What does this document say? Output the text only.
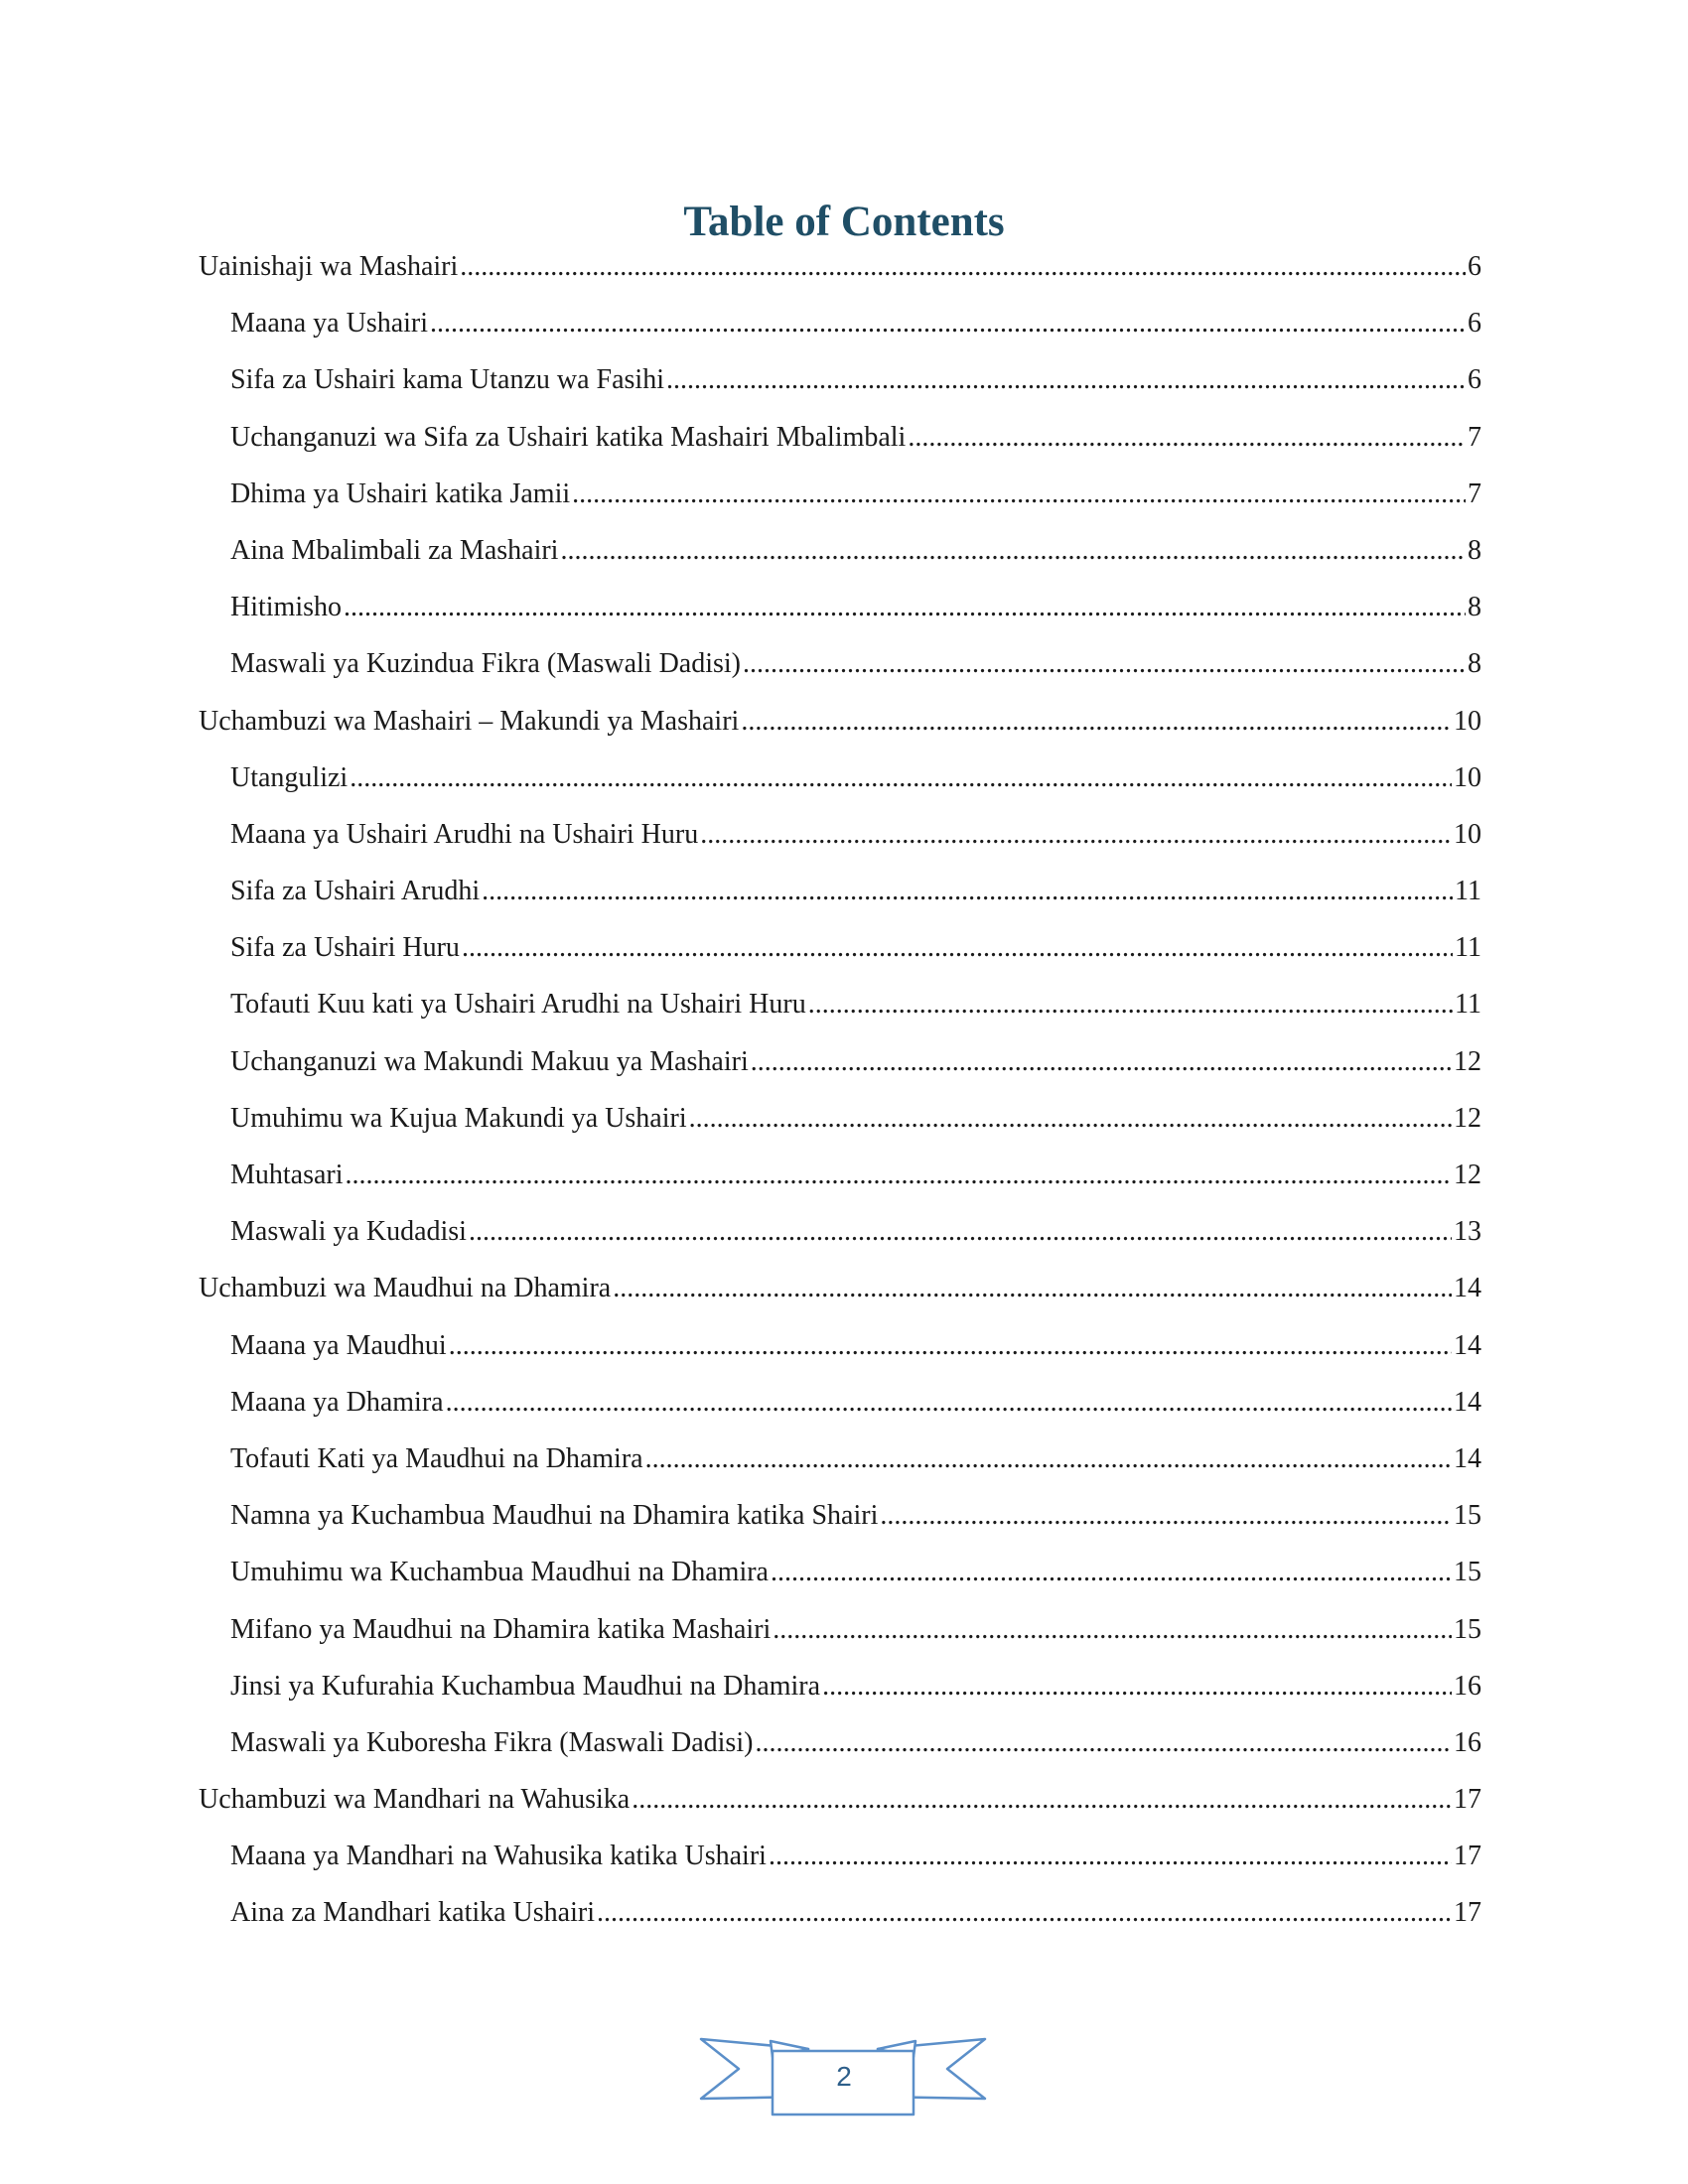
Table of Contents
Uainishaji wa Mashairi .....	6
Maana ya Ushairi .....	6
Sifa za Ushairi kama Utanzu wa Fasihi .....	6
Uchanganuzi wa Sifa za Ushairi katika Mashairi Mbalimbali .....	7
Dhima ya Ushairi katika Jamii .....	7
Aina Mbalimbali za Mashairi .....	8
Hitimisho .....	8
Maswali ya Kuzindua Fikra (Maswali Dadisi) .....	8
Uchambuzi wa Mashairi – Makundi ya Mashairi .....	10
Utangulizi .....	10
Maana ya Ushairi Arudhi na Ushairi Huru .....	10
Sifa za Ushairi Arudhi .....	11
Sifa za Ushairi Huru .....	11
Tofauti Kuu kati ya Ushairi Arudhi na Ushairi Huru .....	11
Uchanganuzi wa Makundi Makuu ya Mashairi .....	12
Umuhimu wa Kujua Makundi ya Ushairi .....	12
Muhtasari .....	12
Maswali ya Kudadisi .....	13
Uchambuzi wa Maudhui na Dhamira .....	14
Maana ya Maudhui .....	14
Maana ya Dhamira .....	14
Tofauti Kati ya Maudhui na Dhamira .....	14
Namna ya Kuchambua Maudhui na Dhamira katika Shairi .....	15
Umuhimu wa Kuchambua Maudhui na Dhamira .....	15
Mifano ya Maudhui na Dhamira katika Mashairi .....	15
Jinsi ya Kufurahia Kuchambua Maudhui na Dhamira .....	16
Maswali ya Kuboresha Fikra (Maswali Dadisi) .....	16
Uchambuzi wa Mandhari na Wahusika .....	17
Maana ya Mandhari na Wahusika katika Ushairi .....	17
Aina za Mandhari katika Ushairi .....	17
2
